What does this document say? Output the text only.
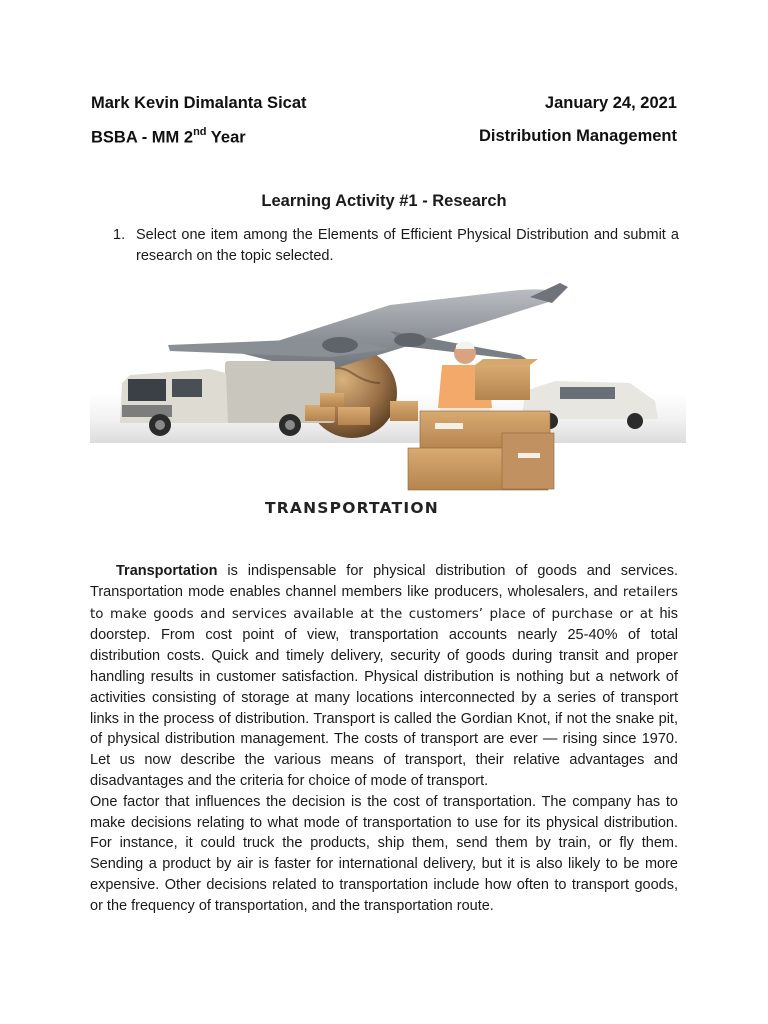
Mark Kevin Dimalanta Sicat	January 24, 2021
BSBA - MM 2nd Year	Distribution Management
Learning Activity #1 - Research
1. Select one item among the Elements of Efficient Physical Distribution and submit a research on the topic selected.
TRANSPORTATION

Transportation is indispensable for physical distribution of goods and services. Transportation mode enables channel members like producers, wholesalers, and retailers to make goods and services available at the customers’ place of purchase or at his doorstep. From cost point of view, transportation accounts nearly 25-40% of total distribution costs. Quick and timely delivery, security of goods during transit and proper handling results in customer satisfaction. Physical distribution is nothing but a network of activities consisting of storage at many locations interconnected by a series of transport links in the process of distribution. Transport is called the Gordian Knot, if not the snake pit, of physical distribution management. The costs of transport are ever — rising since 1970. Let us now describe the various means of transport, their relative advantages and disadvantages and the criteria for choice of mode of transport.

One factor that influences the decision is the cost of transportation. The company has to make decisions relating to what mode of transportation to use for its physical distribution. For instance, it could truck the products, ship them, send them by train, or fly them. Sending a product by air is faster for international delivery, but it is also likely to be more expensive. Other decisions related to transportation include how often to transport goods, or the frequency of transportation, and the transportation route.
